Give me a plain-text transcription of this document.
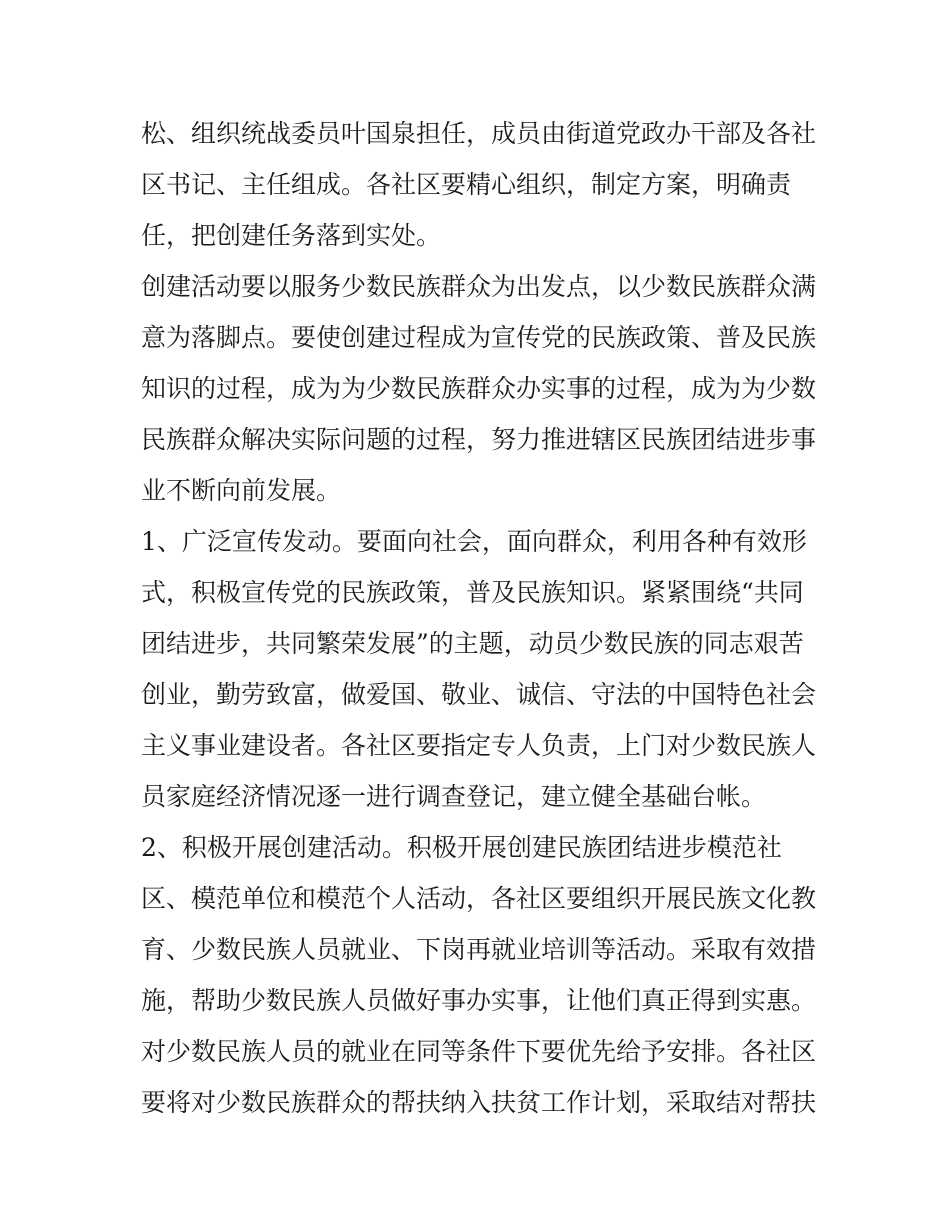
松、组织统战委员叶国泉担任，成员由街道党政办干部及各社
区书记、主任组成。各社区要精心组织，制定方案，明确责
任，把创建任务落到实处。
创建活动要以服务少数民族群众为出发点，以少数民族群众满
意为落脚点。要使创建过程成为宣传党的民族政策、普及民族
知识的过程，成为为少数民族群众办实事的过程，成为为少数
民族群众解决实际问题的过程，努力推进辖区民族团结进步事
业不断向前发展。
1、广泛宣传发动。要面向社会，面向群众，利用各种有效形
式，积极宣传党的民族政策，普及民族知识。紧紧围绕“共同
团结进步，共同繁荣发展”的主题，动员少数民族的同志艰苦
创业，勤劳致富，做爱国、敬业、诚信、守法的中国特色社会
主义事业建设者。各社区要指定专人负责，上门对少数民族人
员家庭经济情况逐一进行调查登记，建立健全基础台帐。
2、积极开展创建活动。积极开展创建民族团结进步模范社
区、模范单位和模范个人活动，各社区要组织开展民族文化教
育、少数民族人员就业、下岗再就业培训等活动。采取有效措
施，帮助少数民族人员做好事办实事，让他们真正得到实惠。
对少数民族人员的就业在同等条件下要优先给予安排。各社区
要将对少数民族群众的帮扶纳入扶贫工作计划，采取结对帮扶
